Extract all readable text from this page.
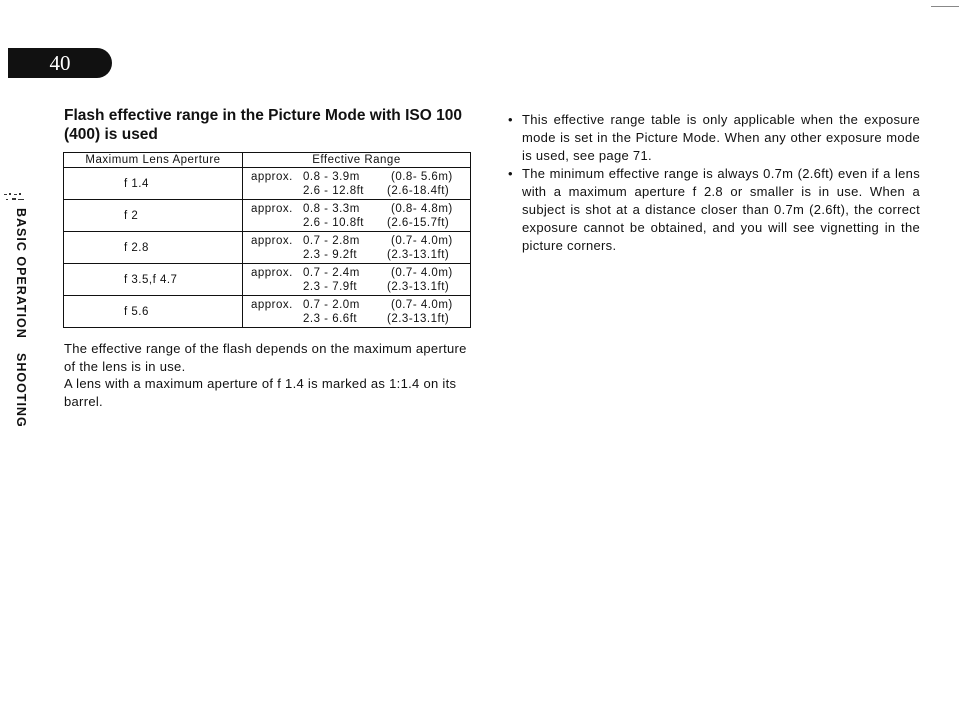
40
BASIC OPERATIONSHOOTING
Flash effective range in the Picture Mode with ISO 100 (400) is used
Maximum Lens Aperture	Effective Range
f 1.4	approx. 0.8 - 3.9m (0.8- 5.6m)
2.6 - 12.8ft (2.6-18.4ft)

f 2	approx. 0.8 - 3.3m (0.8- 4.8m)
2.6 - 10.8ft (2.6-15.7ft)

f 2.8	approx. 0.7 - 2.8m (0.7- 4.0m)
2.3 - 9.2ft (2.3-13.1ft)

f 3.5,f 4.7	approx. 0.7 - 2.4m (0.7- 4.0m)
2.3 - 7.9ft (2.3-13.1ft)

f 5.6	approx. 0.7 - 2.0m (0.7- 4.0m)
2.3 - 6.6ft (2.3-13.1ft)
The effective range of the flash depends on the maximum aperture of the lens is in use.
A lens with a maximum aperture of f 1.4 is marked as 1:1.4 on its barrel.
• This effective range table is only applicable when the exposure mode is set in the Picture Mode. When any other exposure mode is used, see page 71.
• The minimum effective range is always 0.7m (2.6ft) even if a lens with a maximum aperture f 2.8 or smaller is in use. When a subject is shot at a distance closer than 0.7m (2.6ft), the correct exposure cannot be obtained, and you will see vignetting in the picture corners.
